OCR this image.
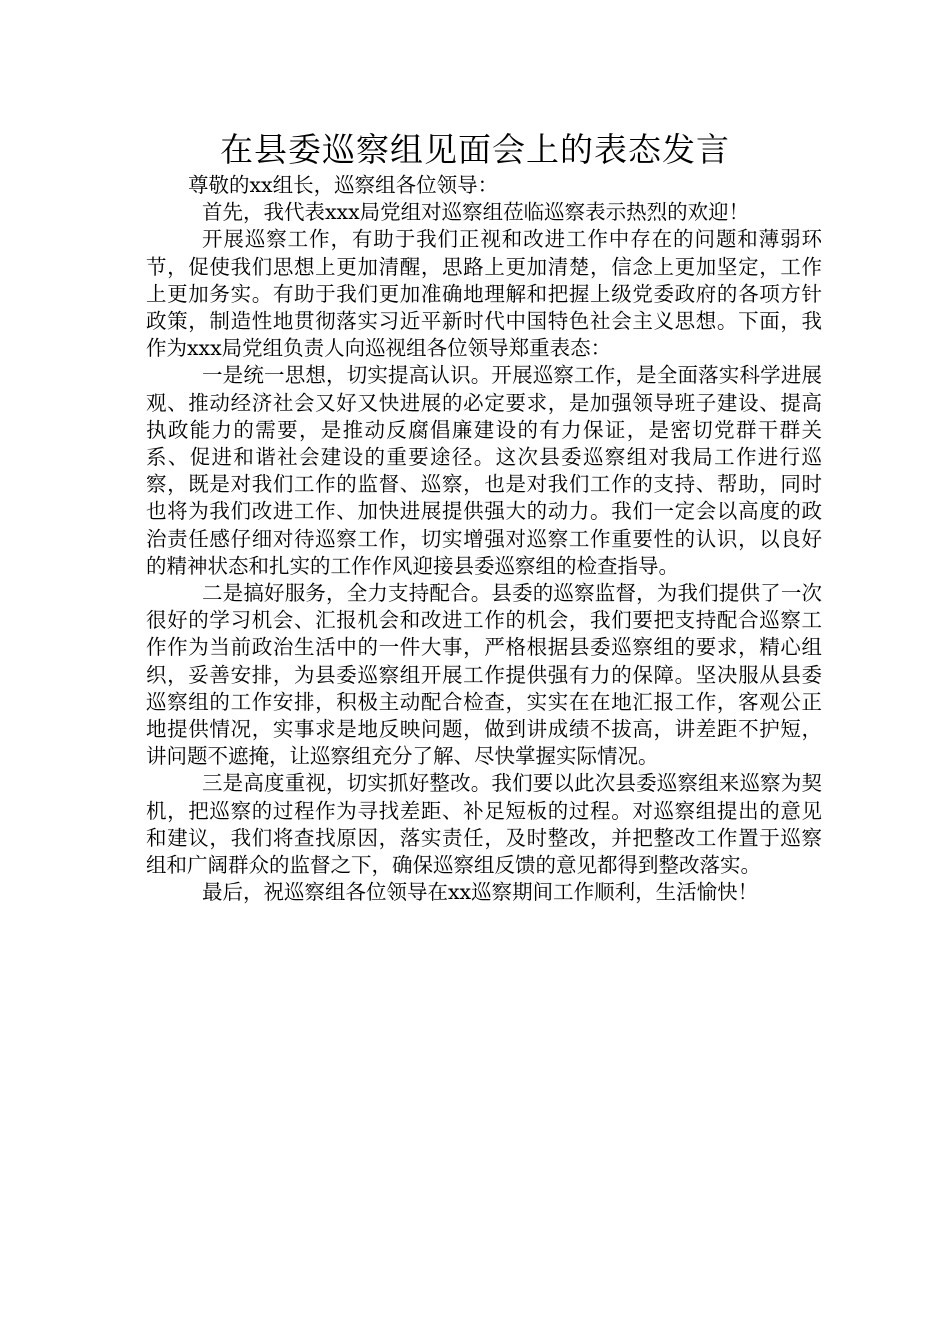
在县委巡察组见面会上的表态发言

尊敬的xx组长，巡察组各位领导：

首先，我代表xxx局党组对巡察组莅临巡察表示热烈的欢迎！

开展巡察工作，有助于我们正视和改进工作中存在的问题和薄弱环节，促使我们思想上更加清醒，思路上更加清楚，信念上更加坚定，工作上更加务实。有助于我们更加准确地理解和把握上级党委政府的各项方针政策，制造性地贯彻落实习近平新时代中国特色社会主义思想。下面，我作为xxx局党组负责人向巡视组各位领导郑重表态：

一是统一思想，切实提高认识。开展巡察工作，是全面落实科学进展观、推动经济社会又好又快进展的必定要求，是加强领导班子建设、提高执政能力的需要，是推动反腐倡廉建设的有力保证，是密切党群干群关系、促进和谐社会建设的重要途径。这次县委巡察组对我局工作进行巡察，既是对我们工作的监督、巡察，也是对我们工作的支持、帮助，同时也将为我们改进工作、加快进展提供强大的动力。我们一定会以高度的政治责任感仔细对待巡察工作，切实增强对巡察工作重要性的认识，以良好的精神状态和扎实的工作作风迎接县委巡察组的检查指导。

二是搞好服务，全力支持配合。县委的巡察监督，为我们提供了一次很好的学习机会、汇报机会和改进工作的机会，我们要把支持配合巡察工作作为当前政治生活中的一件大事，严格根据县委巡察组的要求，精心组织，妥善安排，为县委巡察组开展工作提供强有力的保障。坚决服从县委巡察组的工作安排，积极主动配合检查，实实在在地汇报工作，客观公正地提供情况，实事求是地反映问题，做到讲成绩不拔高，讲差距不护短，讲问题不遮掩，让巡察组充分了解、尽快掌握实际情况。

三是高度重视，切实抓好整改。我们要以此次县委巡察组来巡察为契机，把巡察的过程作为寻找差距、补足短板的过程。对巡察组提出的意见和建议，我们将查找原因，落实责任，及时整改，并把整改工作置于巡察组和广阔群众的监督之下，确保巡察组反馈的意见都得到整改落实。

最后，祝巡察组各位领导在xx巡察期间工作顺利，生活愉快！
